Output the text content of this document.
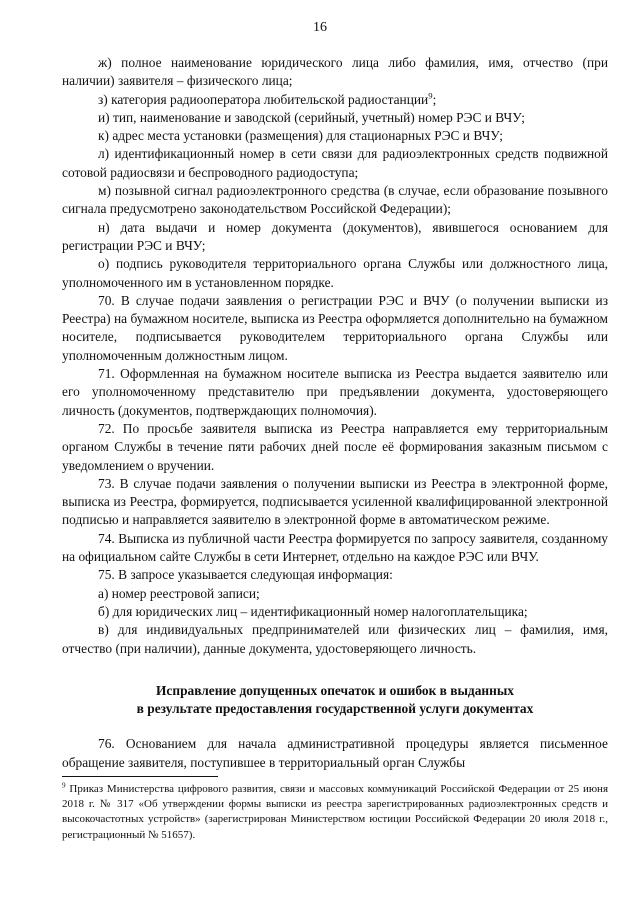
16

ж) полное наименование юридического лица либо фамилия, имя, отчество (при наличии) заявителя – физического лица;

з) категория радиооператора любительской радиостанции$^9$;

и) тип, наименование и заводской (серийный, учетный) номер РЭС и ВЧУ;

к) адрес места установки (размещения) для стационарных РЭС и ВЧУ;

л) идентификационный номер в сети связи для радиоэлектронных средств подвижной сотовой радиосвязи и беспроводного радиодоступа;

м) позывной сигнал радиоэлектронного средства (в случае, если образование позывного сигнала предусмотрено законодательством Российской Федерации);

н) дата выдачи и номер документа (документов), явившегося основанием для регистрации РЭС и ВЧУ;

о) подпись руководителя территориального органа Службы или должностного лица, уполномоченного им в установленном порядке.

70. В случае подачи заявления о регистрации РЭС и ВЧУ (о получении выписки из Реестра) на бумажном носителе, выписка из Реестра оформляется дополнительно на бумажном носителе, подписывается руководителем территориального органа Службы или уполномоченным должностным лицом.

71. Оформленная на бумажном носителе выписка из Реестра выдается заявителю или его уполномоченному представителю при предъявлении документа, удостоверяющего личность (документов, подтверждающих полномочия).

72. По просьбе заявителя выписка из Реестра направляется ему территориальным органом Службы в течение пяти рабочих дней после её формирования заказным письмом с уведомлением о вручении.

73. В случае подачи заявления о получении выписки из Реестра в электронной форме, выписка из Реестра, формируется, подписывается усиленной квалифицированной электронной подписью и направляется заявителю в электронной форме в автоматическом режиме.

74. Выписка из публичной части Реестра формируется по запросу заявителя, созданному на официальном сайте Службы в сети Интернет, отдельно на каждое РЭС или ВЧУ.

75. В запросе указывается следующая информация:

а) номер реестровой записи;

б) для юридических лиц – идентификационный номер налогоплательщика;

в) для индивидуальных предпринимателей или физических лиц – фамилия, имя, отчество (при наличии), данные документа, удостоверяющего личность.

Исправление допущенных опечаток и ошибок в выданных
в результате предоставления государственной услуги документах

76. Основанием для начала административной процедуры является письменное обращение заявителя, поступившее в территориальный орган Службы

$^9$ Приказ Министерства цифрового развития, связи и массовых коммуникаций Российской Федерации от 25 июня 2018 г. № 317 «Об утверждении формы выписки из реестра зарегистрированных радиоэлектронных средств и высокочастотных устройств» (зарегистрирован Министерством юстиции Российской Федерации 20 июля 2018 г., регистрационный № 51657).
